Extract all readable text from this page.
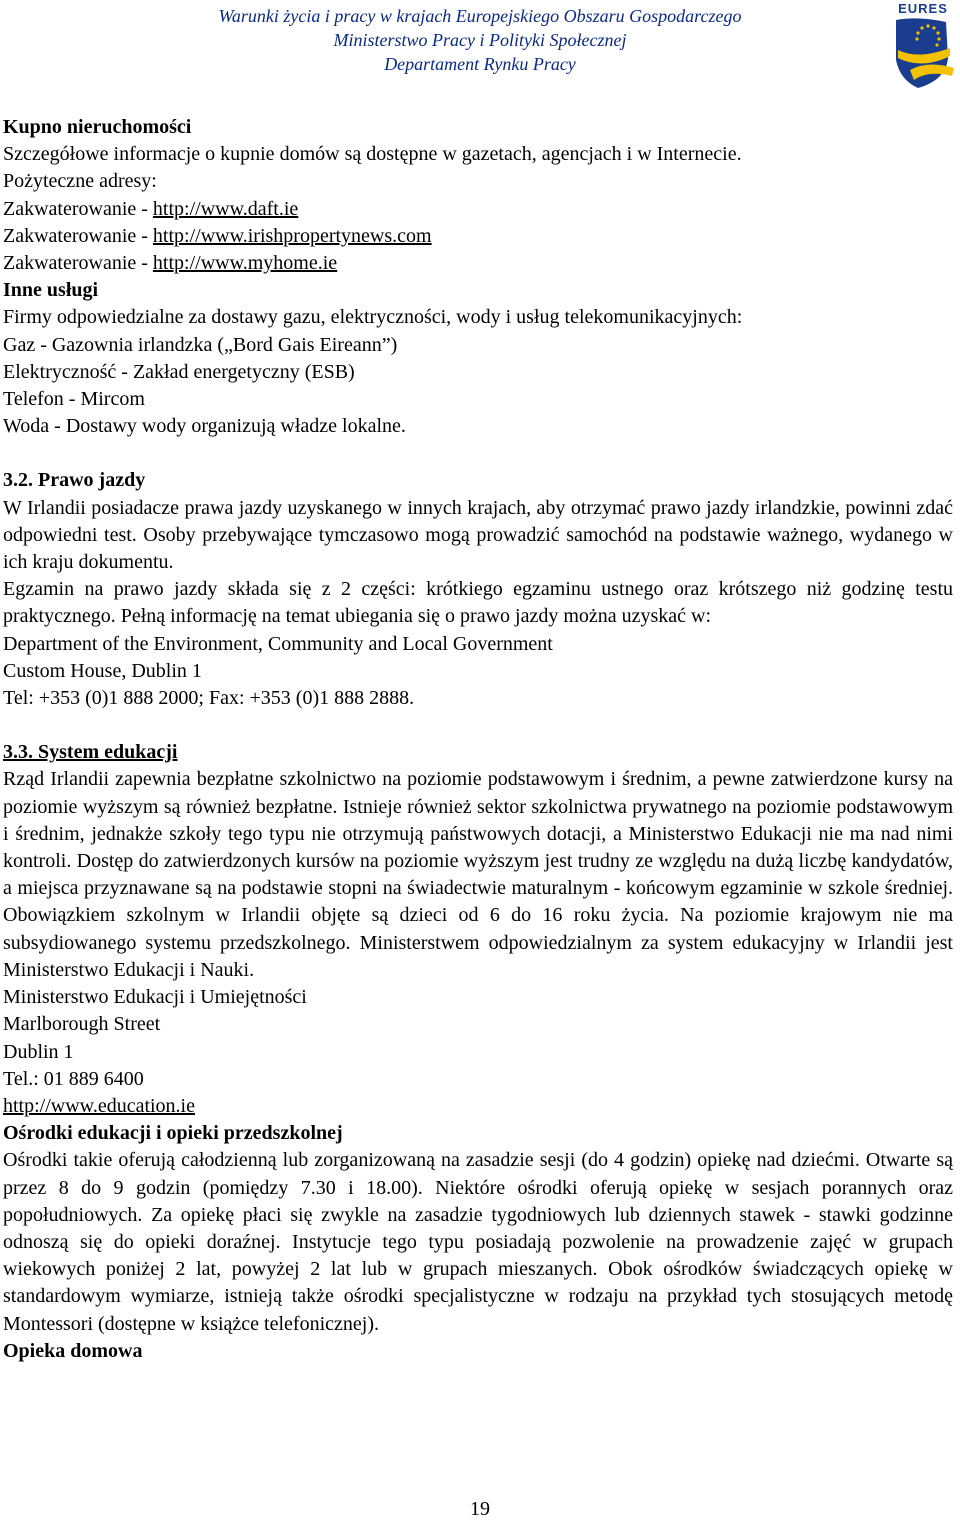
Warunki życia i pracy w krajach Europejskiego Obszaru Gospodarczego
Ministerstwo Pracy i Polityki Społecznej
Departament Rynku Pracy
EURES

Kupno nieruchomości

Szczegółowe informacje o kupnie domów są dostępne w gazetach, agencjach i w Internecie.

Pożyteczne adresy:

Zakwaterowanie - http://www.daft.ie

Zakwaterowanie - http://www.irishpropertynews.com

Zakwaterowanie - http://www.myhome.ie

Inne usługi

Firmy odpowiedzialne za dostawy gazu, elektryczności, wody i usług telekomunikacyjnych:

Gaz - Gazownia irlandzka („Bord Gais Eireann”)

Elektryczność - Zakład energetyczny (ESB)

Telefon - Mircom

Woda - Dostawy wody organizują władze lokalne.

3.2. Prawo jazdy

W Irlandii posiadacze prawa jazdy uzyskanego w innych krajach, aby otrzymać prawo jazdy irlandzkie, powinni zdać odpowiedni test. Osoby przebywające tymczasowo mogą prowadzić samochód na podstawie ważnego, wydanego w ich kraju dokumentu.

Egzamin na prawo jazdy składa się z 2 części: krótkiego egzaminu ustnego oraz krótszego niż godzinę testu praktycznego. Pełną informację na temat ubiegania się o prawo jazdy można uzyskać w:

Department of the Environment, Community and Local Government

Custom House, Dublin 1

Tel: +353 (0)1 888 2000; Fax: +353 (0)1 888 2888.

3.3. System edukacji

Rząd Irlandii zapewnia bezpłatne szkolnictwo na poziomie podstawowym i średnim, a pewne zatwierdzone kursy na poziomie wyższym są również bezpłatne. Istnieje również sektor szkolnictwa prywatnego na poziomie podstawowym i średnim, jednakże szkoły tego typu nie otrzymują państwowych dotacji, a Ministerstwo Edukacji nie ma nad nimi kontroli. Dostęp do zatwierdzonych kursów na poziomie wyższym jest trudny ze względu na dużą liczbę kandydatów, a miejsca przyznawane są na podstawie stopni na świadectwie maturalnym - końcowym egzaminie w szkole średniej. Obowiązkiem szkolnym w Irlandii objęte są dzieci od 6 do 16 roku życia. Na poziomie krajowym nie ma subsydiowanego systemu przedszkolnego. Ministerstwem odpowiedzialnym za system edukacyjny w Irlandii jest Ministerstwo Edukacji i Nauki.

Ministerstwo Edukacji i Umiejętności

Marlborough Street

Dublin 1

Tel.: 01 889 6400

http://www.education.ie

Ośrodki edukacji i opieki przedszkolnej

Ośrodki takie oferują całodzienną lub zorganizowaną na zasadzie sesji (do 4 godzin) opiekę nad dziećmi. Otwarte są przez 8 do 9 godzin (pomiędzy 7.30 i 18.00). Niektóre ośrodki oferują opiekę w sesjach porannych oraz popołudniowych. Za opiekę płaci się zwykle na zasadzie tygodniowych lub dziennych stawek - stawki godzinne odnoszą się do opieki doraźnej. Instytucje tego typu posiadają pozwolenie na prowadzenie zajęć w grupach wiekowych poniżej 2 lat, powyżej 2 lat lub w grupach mieszanych. Obok ośrodków świadczących opiekę w standardowym wymiarze, istnieją także ośrodki specjalistyczne w rodzaju na przykład tych stosujących metodę Montessori (dostępne w książce telefonicznej).

Opieka domowa

19
